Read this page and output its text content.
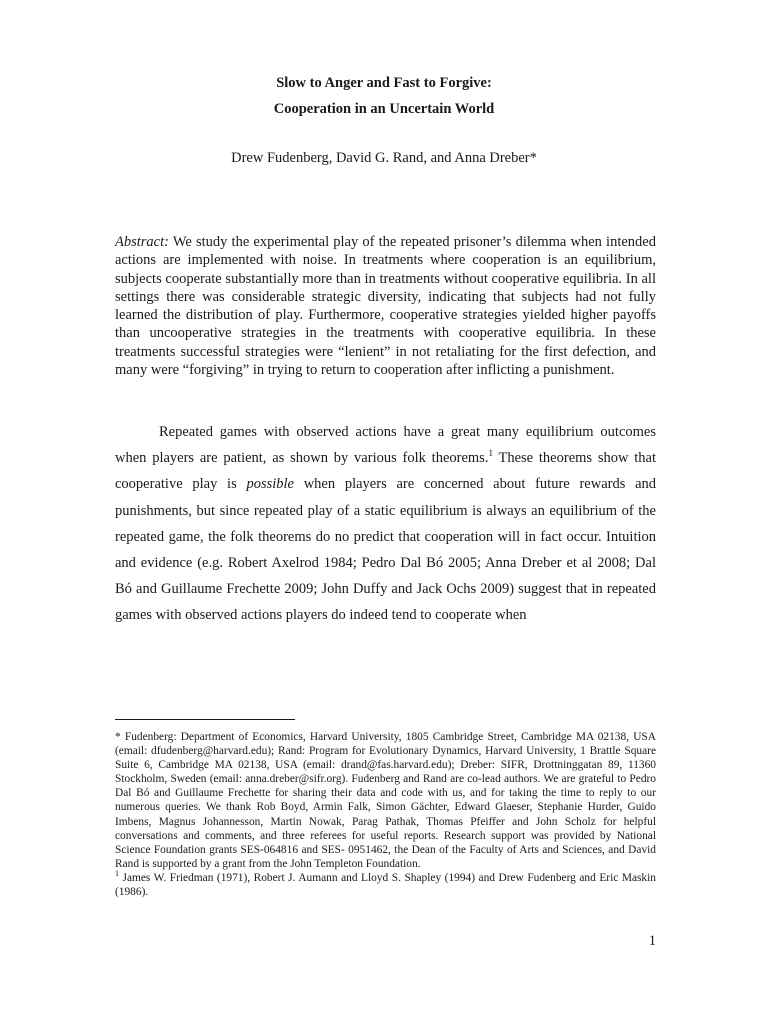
Slow to Anger and Fast to Forgive:
Cooperation in an Uncertain World
Drew Fudenberg, David G. Rand, and Anna Dreber*

Abstract: We study the experimental play of the repeated prisoner’s dilemma when intended actions are implemented with noise. In treatments where cooperation is an equilibrium, subjects cooperate substantially more than in treatments without cooperative equilibria. In all settings there was considerable strategic diversity, indicating that subjects had not fully learned the distribution of play. Furthermore, cooperative strategies yielded higher payoffs than uncooperative strategies in the treatments with cooperative equilibria. In these treatments successful strategies were “lenient” in not retaliating for the first defection, and many were “forgiving” in trying to return to cooperation after inflicting a punishment.

Repeated games with observed actions have a great many equilibrium outcomes when players are patient, as shown by various folk theorems.$^1$ These theorems show that cooperative play is possible when players are concerned about future rewards and punishments, but since repeated play of a static equilibrium is always an equilibrium of the repeated game, the folk theorems do no predict that cooperation will in fact occur. Intuition and evidence (e.g. Robert Axelrod 1984; Pedro Dal Bó 2005; Anna Dreber et al 2008; Dal Bó and Guillaume Frechette 2009; John Duffy and Jack Ochs 2009) suggest that in repeated games with observed actions players do indeed tend to cooperate when

* Fudenberg: Department of Economics, Harvard University, 1805 Cambridge Street, Cambridge MA 02138, USA (email: dfudenberg@harvard.edu); Rand: Program for Evolutionary Dynamics, Harvard University, 1 Brattle Square Suite 6, Cambridge MA 02138, USA (email: drand@fas.harvard.edu); Dreber: SIFR, Drottninggatan 89, 11360 Stockholm, Sweden (email: anna.dreber@sifr.org). Fudenberg and Rand are co-lead authors. We are grateful to Pedro Dal Bó and Guillaume Frechette for sharing their data and code with us, and for taking the time to reply to our numerous queries. We thank Rob Boyd, Armin Falk, Simon Gächter, Edward Glaeser, Stephanie Hurder, Guido Imbens, Magnus Johannesson, Martin Nowak, Parag Pathak, Thomas Pfeiffer and John Scholz for helpful conversations and comments, and three referees for useful reports. Research support was provided by National Science Foundation grants SES-064816 and SES- 0951462, the Dean of the Faculty of Arts and Sciences, and David Rand is supported by a grant from the John Templeton Foundation.

$^1$ James W. Friedman (1971), Robert J. Aumann and Lloyd S. Shapley (1994) and Drew Fudenberg and Eric Maskin (1986).

1
